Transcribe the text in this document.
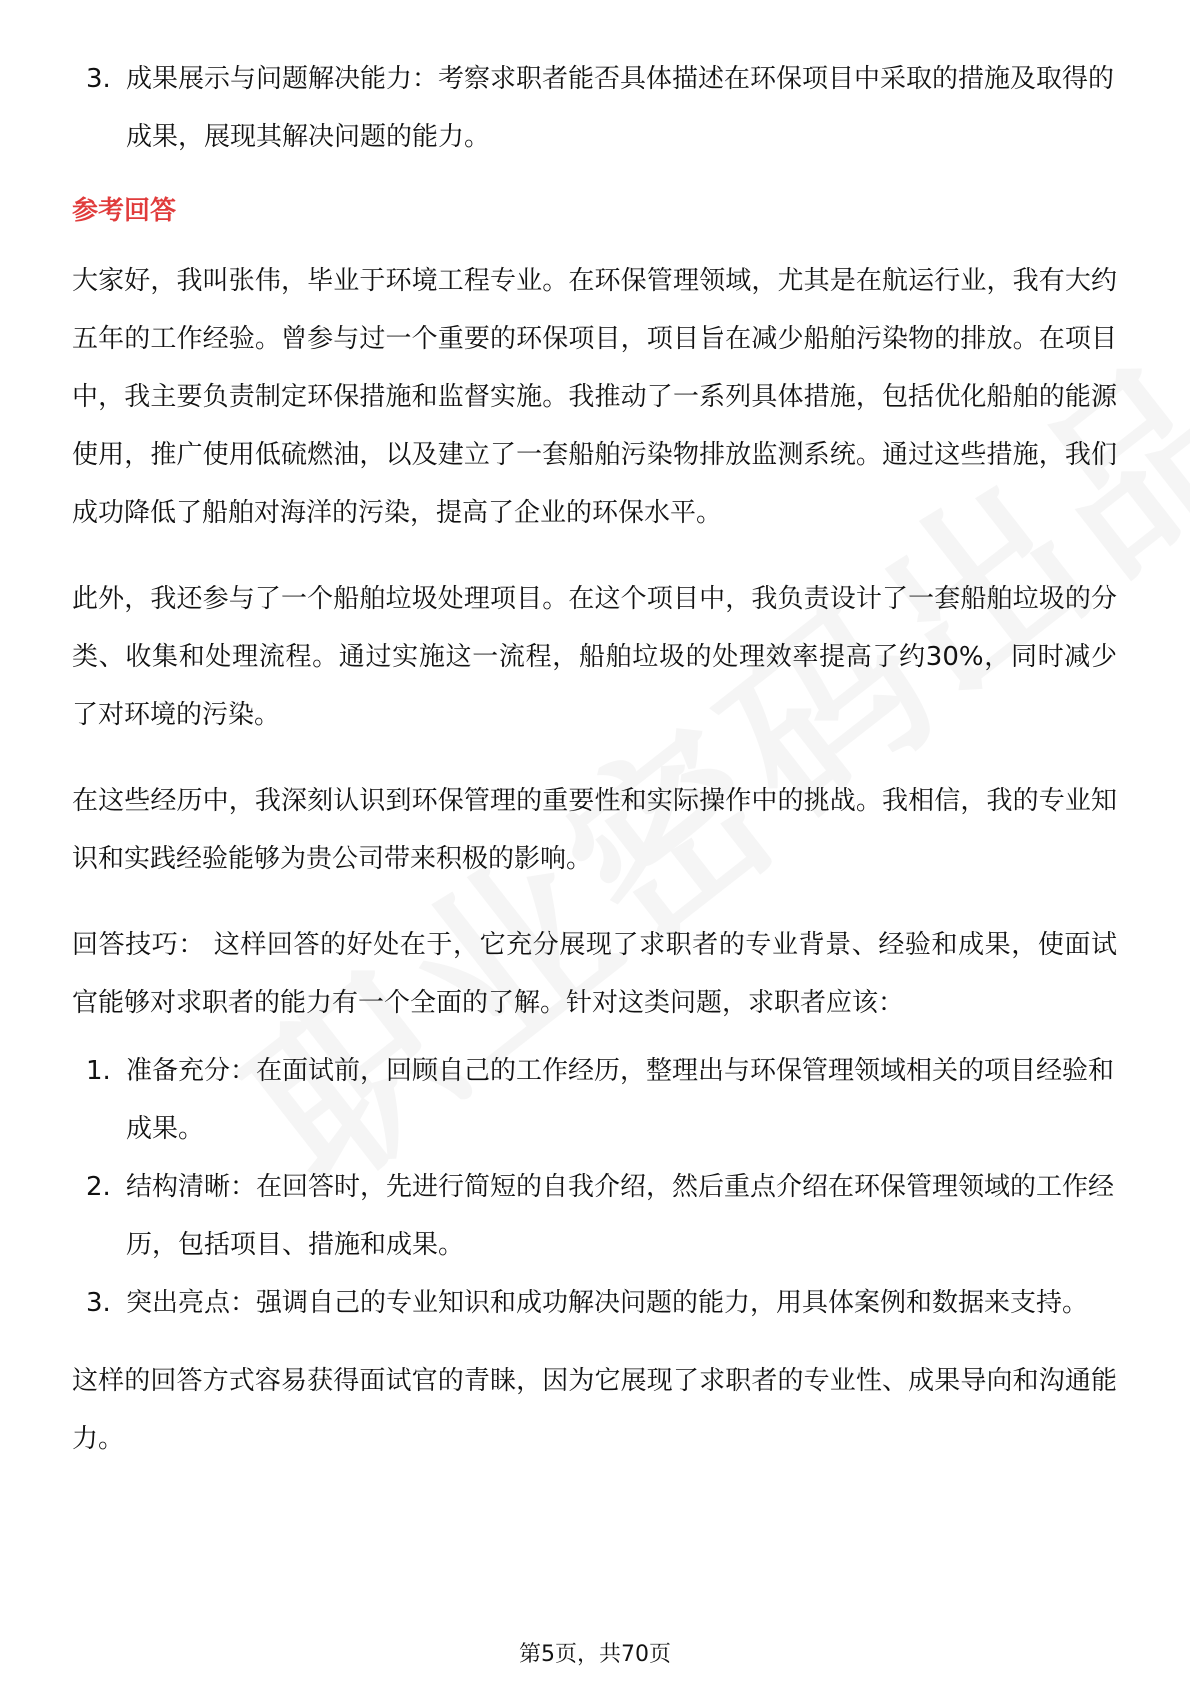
3. 成果展示与问题解决能力：考察求职者能否具体描述在环保项目中采取的措施及取得的成果，展现其解决问题的能力。
参考回答

大家好，我叫张伟，毕业于环境工程专业。在环保管理领域，尤其是在航运行业，我有大约五年的工作经验。曾参与过一个重要的环保项目，项目旨在减少船舶污染物的排放。在项目中，我主要负责制定环保措施和监督实施。我推动了一系列具体措施，包括优化船舶的能源使用，推广使用低硫燃油，以及建立了一套船舶污染物排放监测系统。通过这些措施，我们成功降低了船舶对海洋的污染，提高了企业的环保水平。

此外，我还参与了一个船舶垃圾处理项目。在这个项目中，我负责设计了一套船舶垃圾的分类、收集和处理流程。通过实施这一流程，船舶垃圾的处理效率提高了约30%，同时减少了对环境的污染。

在这些经历中，我深刻认识到环保管理的重要性和实际操作中的挑战。我相信，我的专业知识和实践经验能够为贵公司带来积极的影响。

回答技巧： 这样回答的好处在于，它充分展现了求职者的专业背景、经验和成果，使面试官能够对求职者的能力有一个全面的了解。针对这类问题，求职者应该：

1. 准备充分：在面试前，回顾自己的工作经历，整理出与环保管理领域相关的项目经验和成果。
2. 结构清晰：在回答时，先进行简短的自我介绍，然后重点介绍在环保管理领域的工作经历，包括项目、措施和成果。
3. 突出亮点：强调自己的专业知识和成功解决问题的能力，用具体案例和数据来支持。

这样的回答方式容易获得面试官的青睐，因为它展现了求职者的专业性、成果导向和沟通能力。

第5页，共70页
